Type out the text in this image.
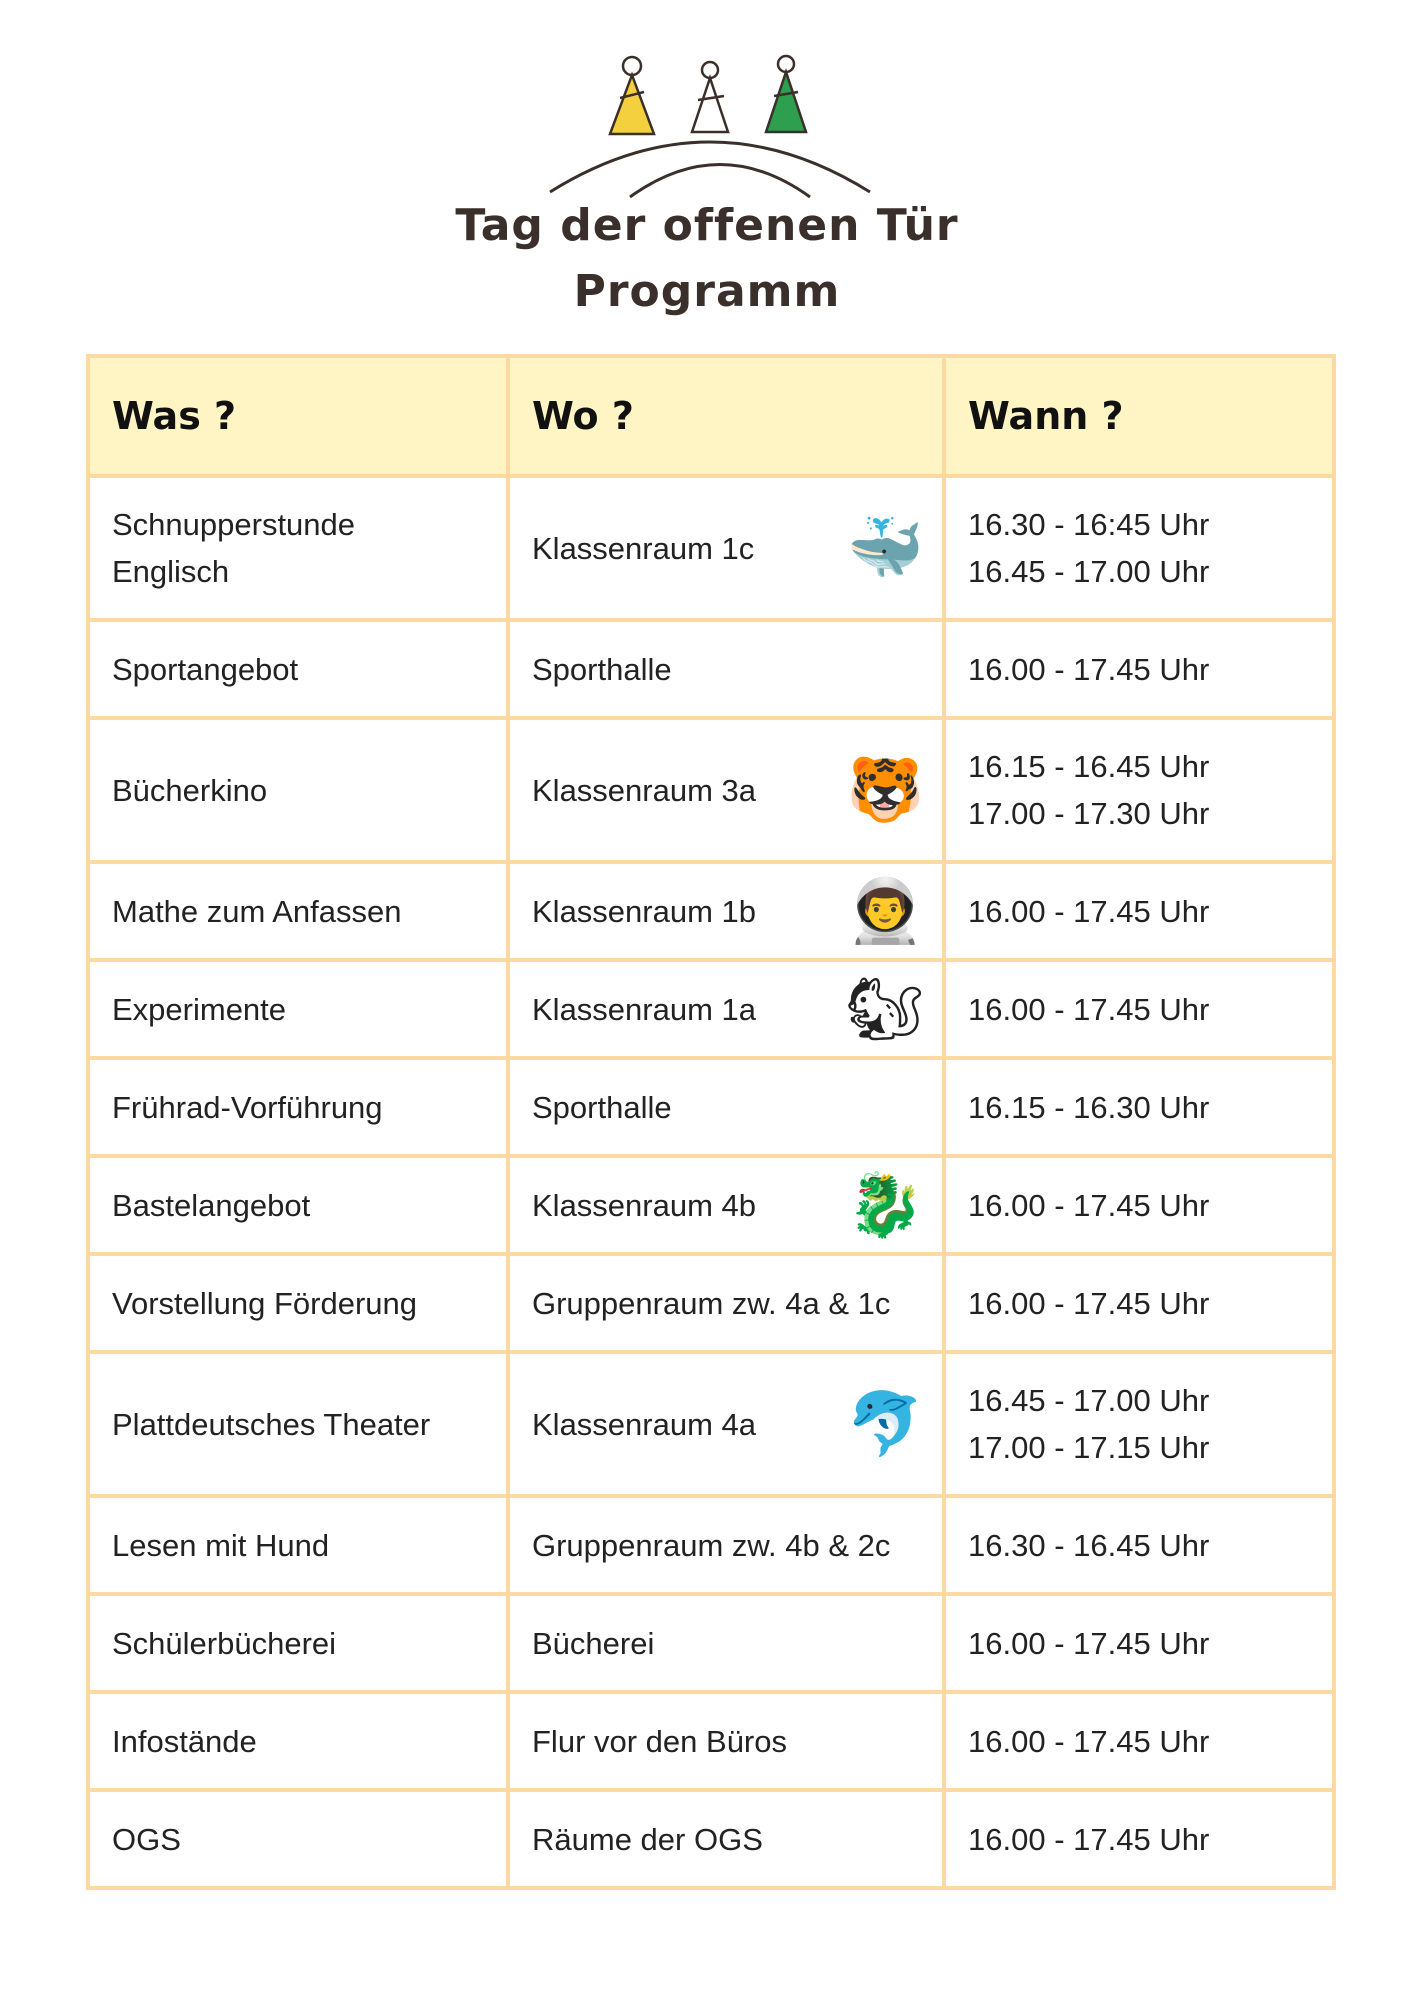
Tag der offenen Tür
Programm
Was ?	Wo ?	Wann ?
Schnupperstunde Englisch	Klassenraum 1c 🐳	16.30 - 16:45 Uhr
16.45 - 17.00 Uhr

Sportangebot	Sporthalle	16.00 - 17.45 Uhr

Bücherkino	Klassenraum 3a 🐯	16.15 - 16.45 Uhr
17.00 - 17.30 Uhr

Mathe zum Anfassen	Klassenraum 1b 👨‍🚀	16.00 - 17.45 Uhr

Experimente	Klassenraum 1a 🐿	16.00 - 17.45 Uhr

Frührad-Vorführung	Sporthalle	16.15 - 16.30 Uhr

Bastelangebot	Klassenraum 4b 🐉	16.00 - 17.45 Uhr

Vorstellung Förderung	Gruppenraum zw. 4a & 1c	16.00 - 17.45 Uhr

Plattdeutsches Theater	Klassenraum 4a 🐬	16.45 - 17.00 Uhr
17.00 - 17.15 Uhr

Lesen mit Hund	Gruppenraum zw. 4b & 2c	16.30 - 16.45 Uhr

Schülerbücherei	Bücherei	16.00 - 17.45 Uhr

Infostände	Flur vor den Büros	16.00 - 17.45 Uhr

OGS	Räume der OGS	16.00 - 17.45 Uhr
